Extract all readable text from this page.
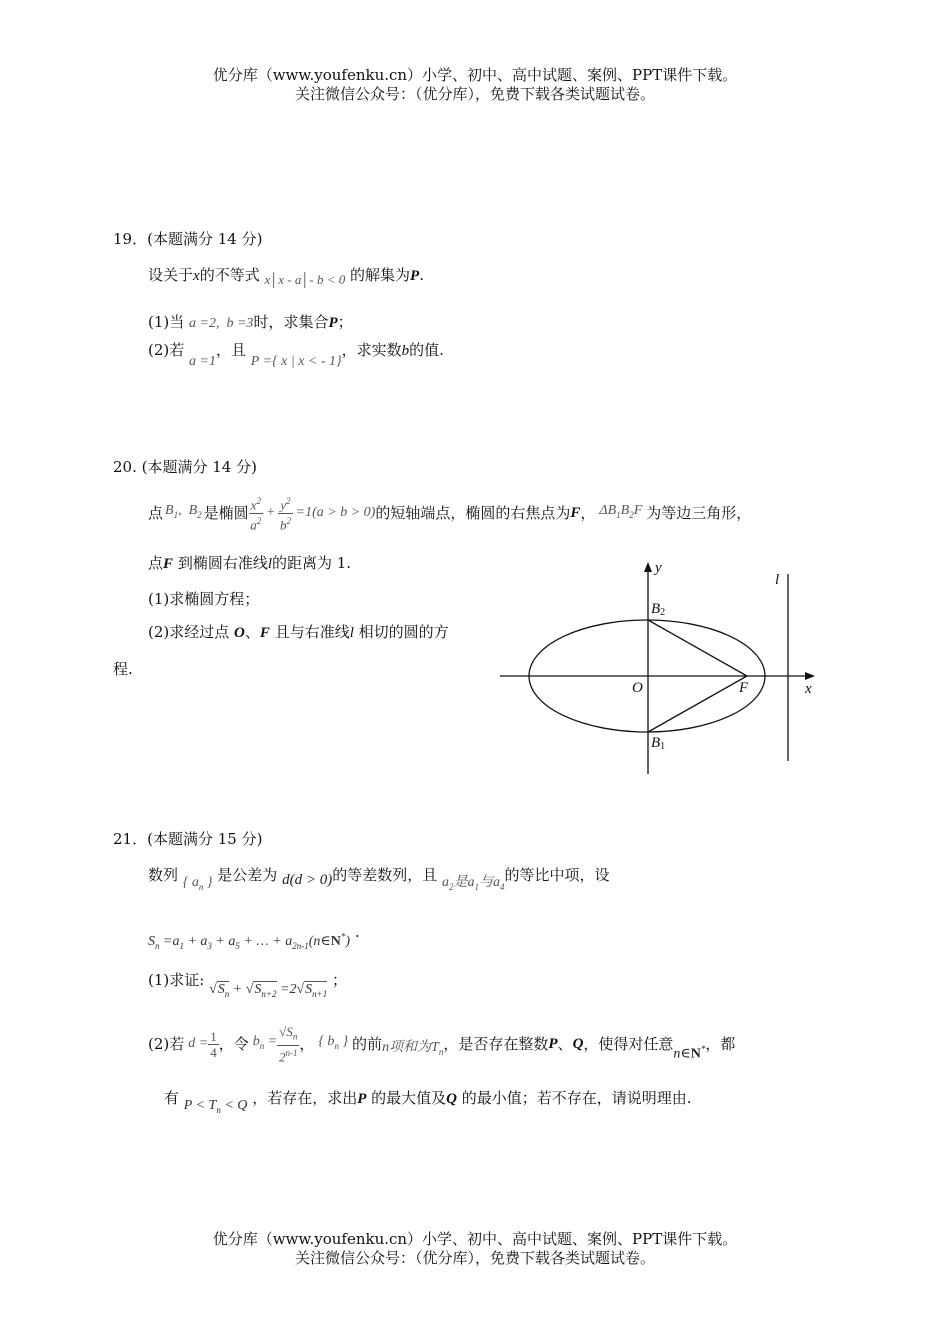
优分库（www.youfenku.cn）小学、初中、高中试题、案例、PPT课件下载。
关注微信公众号：（优分库），免费下载各类试题试卷。
19．(本题满分 14 分)
设关于x的不等式 x│x - a│- b < 0 的解集为P.
(1)当 a =2,  b =3时，求集合P；
(2)若 a =1，且 P ={ x | x < - 1}，求实数b的值.
20. (本题满分 14 分)
点 $B_1$,  $B_2$ 是椭圆 $\frac{x^2}{a^2} + \frac{y^2}{b^2} =1(a > b > 0)$ 的短轴端点，椭圆的右焦点为 F ， $\Delta B_1B_2F$ 为等边三角形，
点F 到椭圆右准线l的距离为 1.
(1)求椭圆方程；
(2)求经过点 O、F 且与右准线l 相切的圆的方
程.
y
x
l
O	F
B2
B1
21．(本题满分 15 分)
数列 { $a_n$ } 是公差为 d(d > 0)的等差数列，且 $a_2$是$a_1$与$a_4$的等比中项，设
$S_n =a_1 + a_3 + a_5$ + … + $a_{2n-1}(n\in N^*)$ .
(1)求证: $√S_n + √S_{n+2} =2√S_{n+1}$ ；
(2)若 $d = \frac{1}{4}$ ，令 $b_n = \frac{√S_n}{2^{n-1}}$ ， { $b_n$ } 的前 n项和为$T_n$ ，是否存在整数 P 、 Q ，使得对任意
n∈N* ，都
有 $P < T_n < Q$ ，若存在，求出P 的最大值及Q 的最小值；若不存在，请说明理由.
优分库（www.youfenku.cn）小学、初中、高中试题、案例、PPT课件下载。
关注微信公众号：（优分库），免费下载各类试题试卷。
